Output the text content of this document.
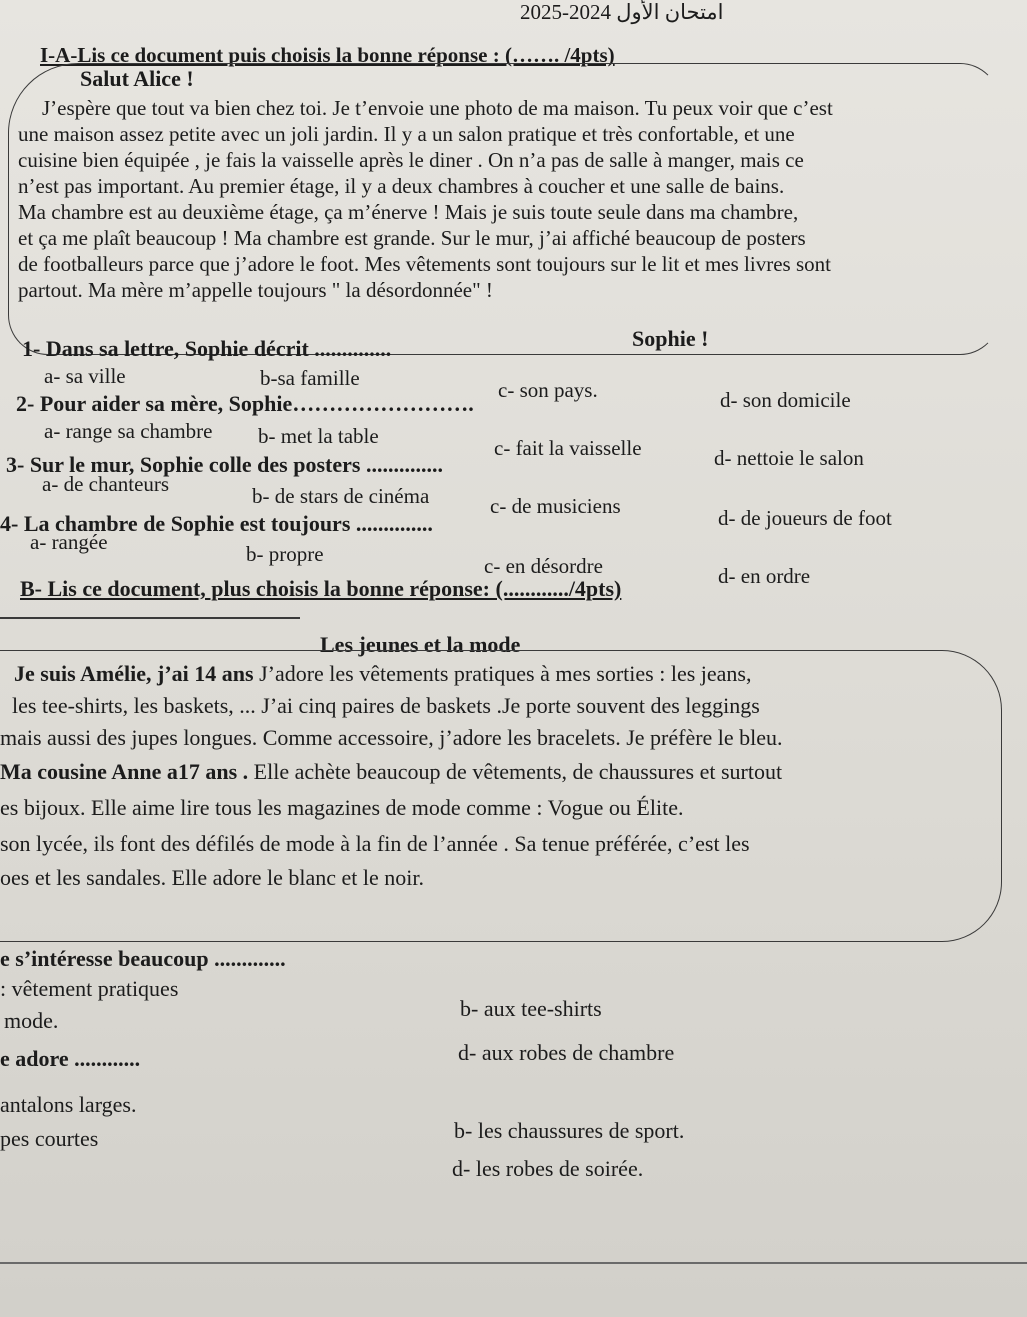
2025-2024 امتحان الأول
I-A-Lis ce document puis choisis la bonne réponse : (……. /4pts)
Salut Alice !
J’espère que tout va bien chez toi. Je t’envoie une photo de ma maison. Tu peux voir que c’est
une maison assez petite avec un joli jardin. Il y a un salon pratique et très confortable, et une
cuisine bien équipée , je fais la vaisselle après le diner . On n’a pas de salle à manger, mais ce
n’est pas important. Au premier étage, il y a deux chambres à coucher et une salle de bains.
Ma chambre est au deuxième étage, ça m’énerve ! Mais je suis toute seule dans ma chambre,
et ça me plaît beaucoup ! Ma chambre est grande. Sur le mur, j’ai affiché beaucoup de posters
de footballeurs parce que j’adore le foot. Mes vêtements sont toujours sur le lit et mes livres sont
partout. Ma mère m’appelle toujours " la désordonnée" !
Sophie !
1- Dans sa lettre, Sophie décrit ..............
a- sa ville	b-sa famille	c- son pays.	d- son domicile
2- Pour aider sa mère, Sophie…………………….
a- range sa chambre b- met la table	c- fait la vaisselle	d- nettoie le salon
3- Sur le mur, Sophie colle des posters ..............
a- de chanteurs	b- de stars de cinéma	c- de musiciens	d- de joueurs de foot
4- La chambre de Sophie est toujours ..............
a- rangée	b- propre	c- en désordre	d- en ordre
B- Lis ce document, plus choisis la bonne réponse: (............/4pts)
Les jeunes et la mode
Je suis Amélie, j’ai 14 ans J’adore les vêtements pratiques à mes sorties : les jeans,
les tee-shirts, les baskets, ... J’ai cinq paires de baskets .Je porte souvent des leggings
mais aussi des jupes longues. Comme accessoire, j’adore les bracelets. Je préfère le bleu.
Ma cousine Anne a17 ans . Elle achète beaucoup de vêtements, de chaussures et surtout
es bijoux. Elle aime lire tous les magazines de mode comme : Vogue ou Élite.
son lycée, ils font des défilés de mode à la fin de l’année . Sa tenue préférée, c’est les
oes et les sandales. Elle adore le blanc et le noir.
e s’intéresse beaucoup .............
: vêtement pratiques
b- aux tee-shirts
mode.
d- aux robes de chambre
e adore ............
antalons larges.
b- les chaussures de sport.
pes courtes
d- les robes de soirée.
